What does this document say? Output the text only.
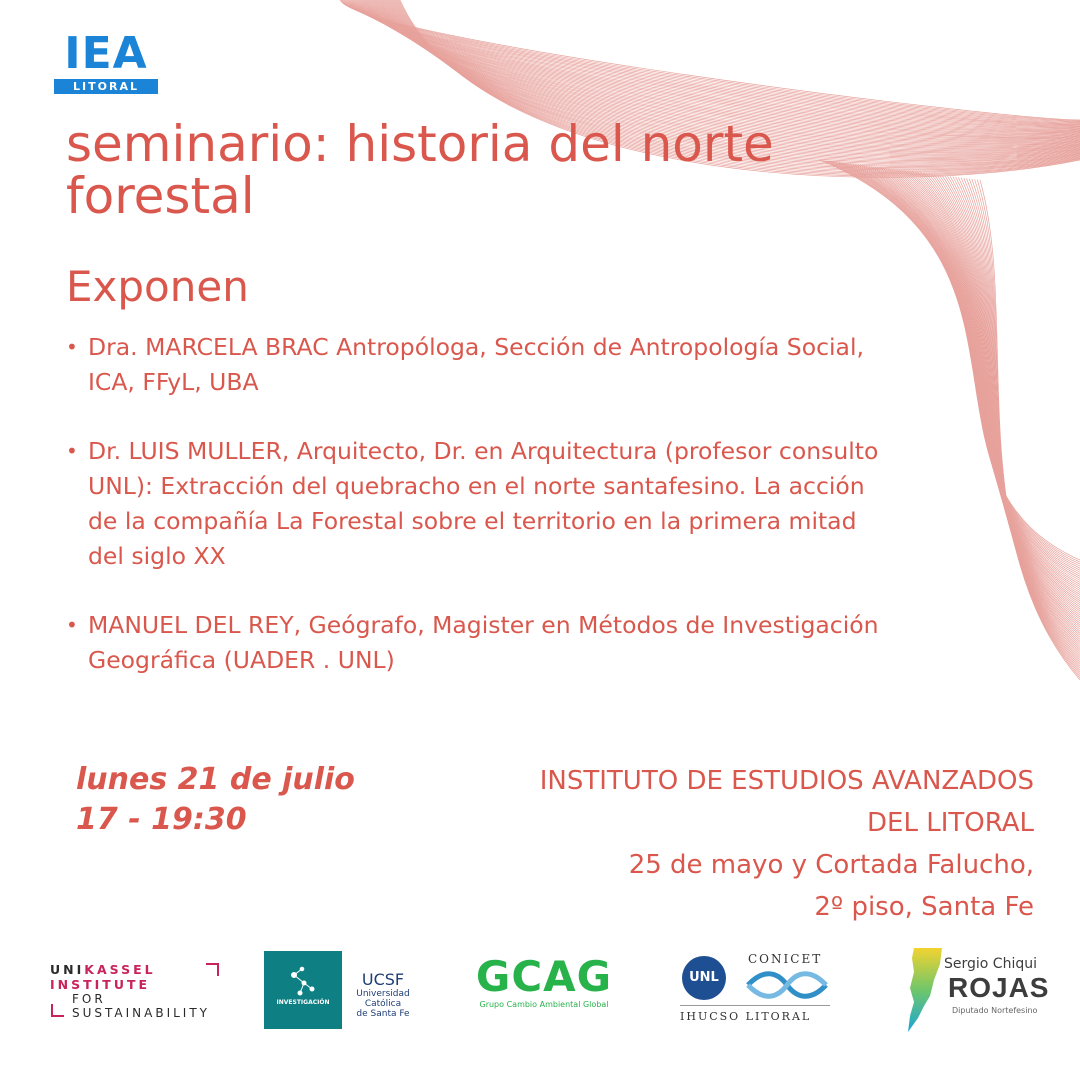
IEA
LITORAL
seminario: historia del norte forestal
Exponen
• Dra. MARCELA BRAC Antropóloga, Sección de Antropología Social, ICA, FFyL, UBA
• Dr. LUIS MULLER, Arquitecto, Dr. en Arquitectura (profesor consulto UNL): Extracción del quebracho en el norte santafesino. La acción de la compañía La Forestal sobre el territorio en la primera mitad del siglo XX
• MANUEL DEL REY, Geógrafo, Magister en Métodos de Investigación Geográfica (UADER . UNL)
lunes 21 de julio
17 - 19:30
INSTITUTO DE ESTUDIOS AVANZADOS
DEL LITORAL
25 de mayo y Cortada Falucho,
2º piso, Santa Fe
UNIKASSEL
INSTITUTE
FOR
SUSTAINABILITY
INVESTIGACIÓN
UCSF
Universidad Católica
de Santa Fe
GCAG
Grupo Cambio Ambiental Global
UNL
CONICET
IHUCSO LITORAL
Sergio Chiqui
ROJAS
Diputado Nortefesino
